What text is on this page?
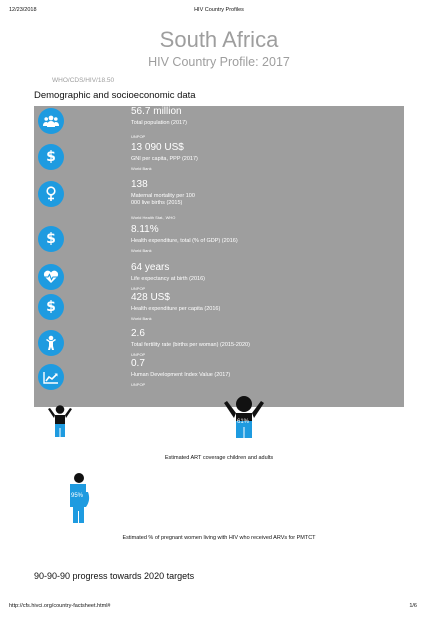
12/23/2018	HIV Country Profiles
South Africa
HIV Country Profile: 2017
WHO/CDS/HIV/18.50
Demographic and socioeconomic data
56.7 million
Total population (2017)
UNPOP
$
13 090 US$
GNI per capita, PPP (2017)
World Bank
138
Maternal mortality per 100 000 live births (2015)
World Health Stat., WHO
$
8.11%
Health expenditure, total (% of GDP) (2016)
World Bank
64 years
Life expectancy at birth (2016)
UNPOP
$
428 US$
Health expenditure per capita (2016)
World Bank
2.6
Total fertility rate (births per woman) (2015-2020)
UNPOP
0.7
Human Development Index Value (2017)
UNPOP
61%
Estimated ART coverage children and adults
95%
Estimated % of pregnant women living with HIV who received ARVs for PMTCT
90-90-90 progress towards 2020 targets
http://cfs.hivci.org/country-factsheet.html#	1/6
